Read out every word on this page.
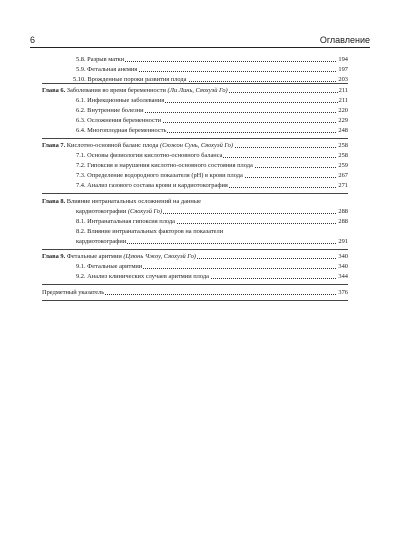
6	Оглавление
5.8. Разрыв матки	194
5.9. Фетальная анемия	197
5.10. Врожденные пороки развития плода	203
Глава 6. Заболевания во время беременности (Ли Линь, Сяохуэй Го)	211
6.1. Инфекционные заболевания	211
6.2. Внутренние болезни	220
6.3. Осложнения беременности	229
6.4. Многоплодная беременность	248
Глава 7. Кислотно-основной баланс плода (Сюжон Сунь, Сяохуэй Го)	258
7.1. Основы физиологии кислотно-основного баланса	258
7.2. Гипоксия и нарушения кислотно-основного состояния плода	259
7.3. Определение водородного показателя (pH) в крови плода	267
7.4. Анализ газового состава крови и кардиотокография	271
Глава 8. Влияние интранатальных осложнений на данные
кардиотокографии (Сяохуэй Го)	288
8.1. Интранатальная гипоксия плода	288
8.2. Влияние интранатальных факторов на показатели
кардиотокографии	291
Глава 9. Фетальные аритмии (Цзюнь Чжоу, Сяохуэй Го)	340
9.1. Фетальные аритмии	340
9.2. Анализ клинических случаев аритмии плода	344
Предметный указатель	376
